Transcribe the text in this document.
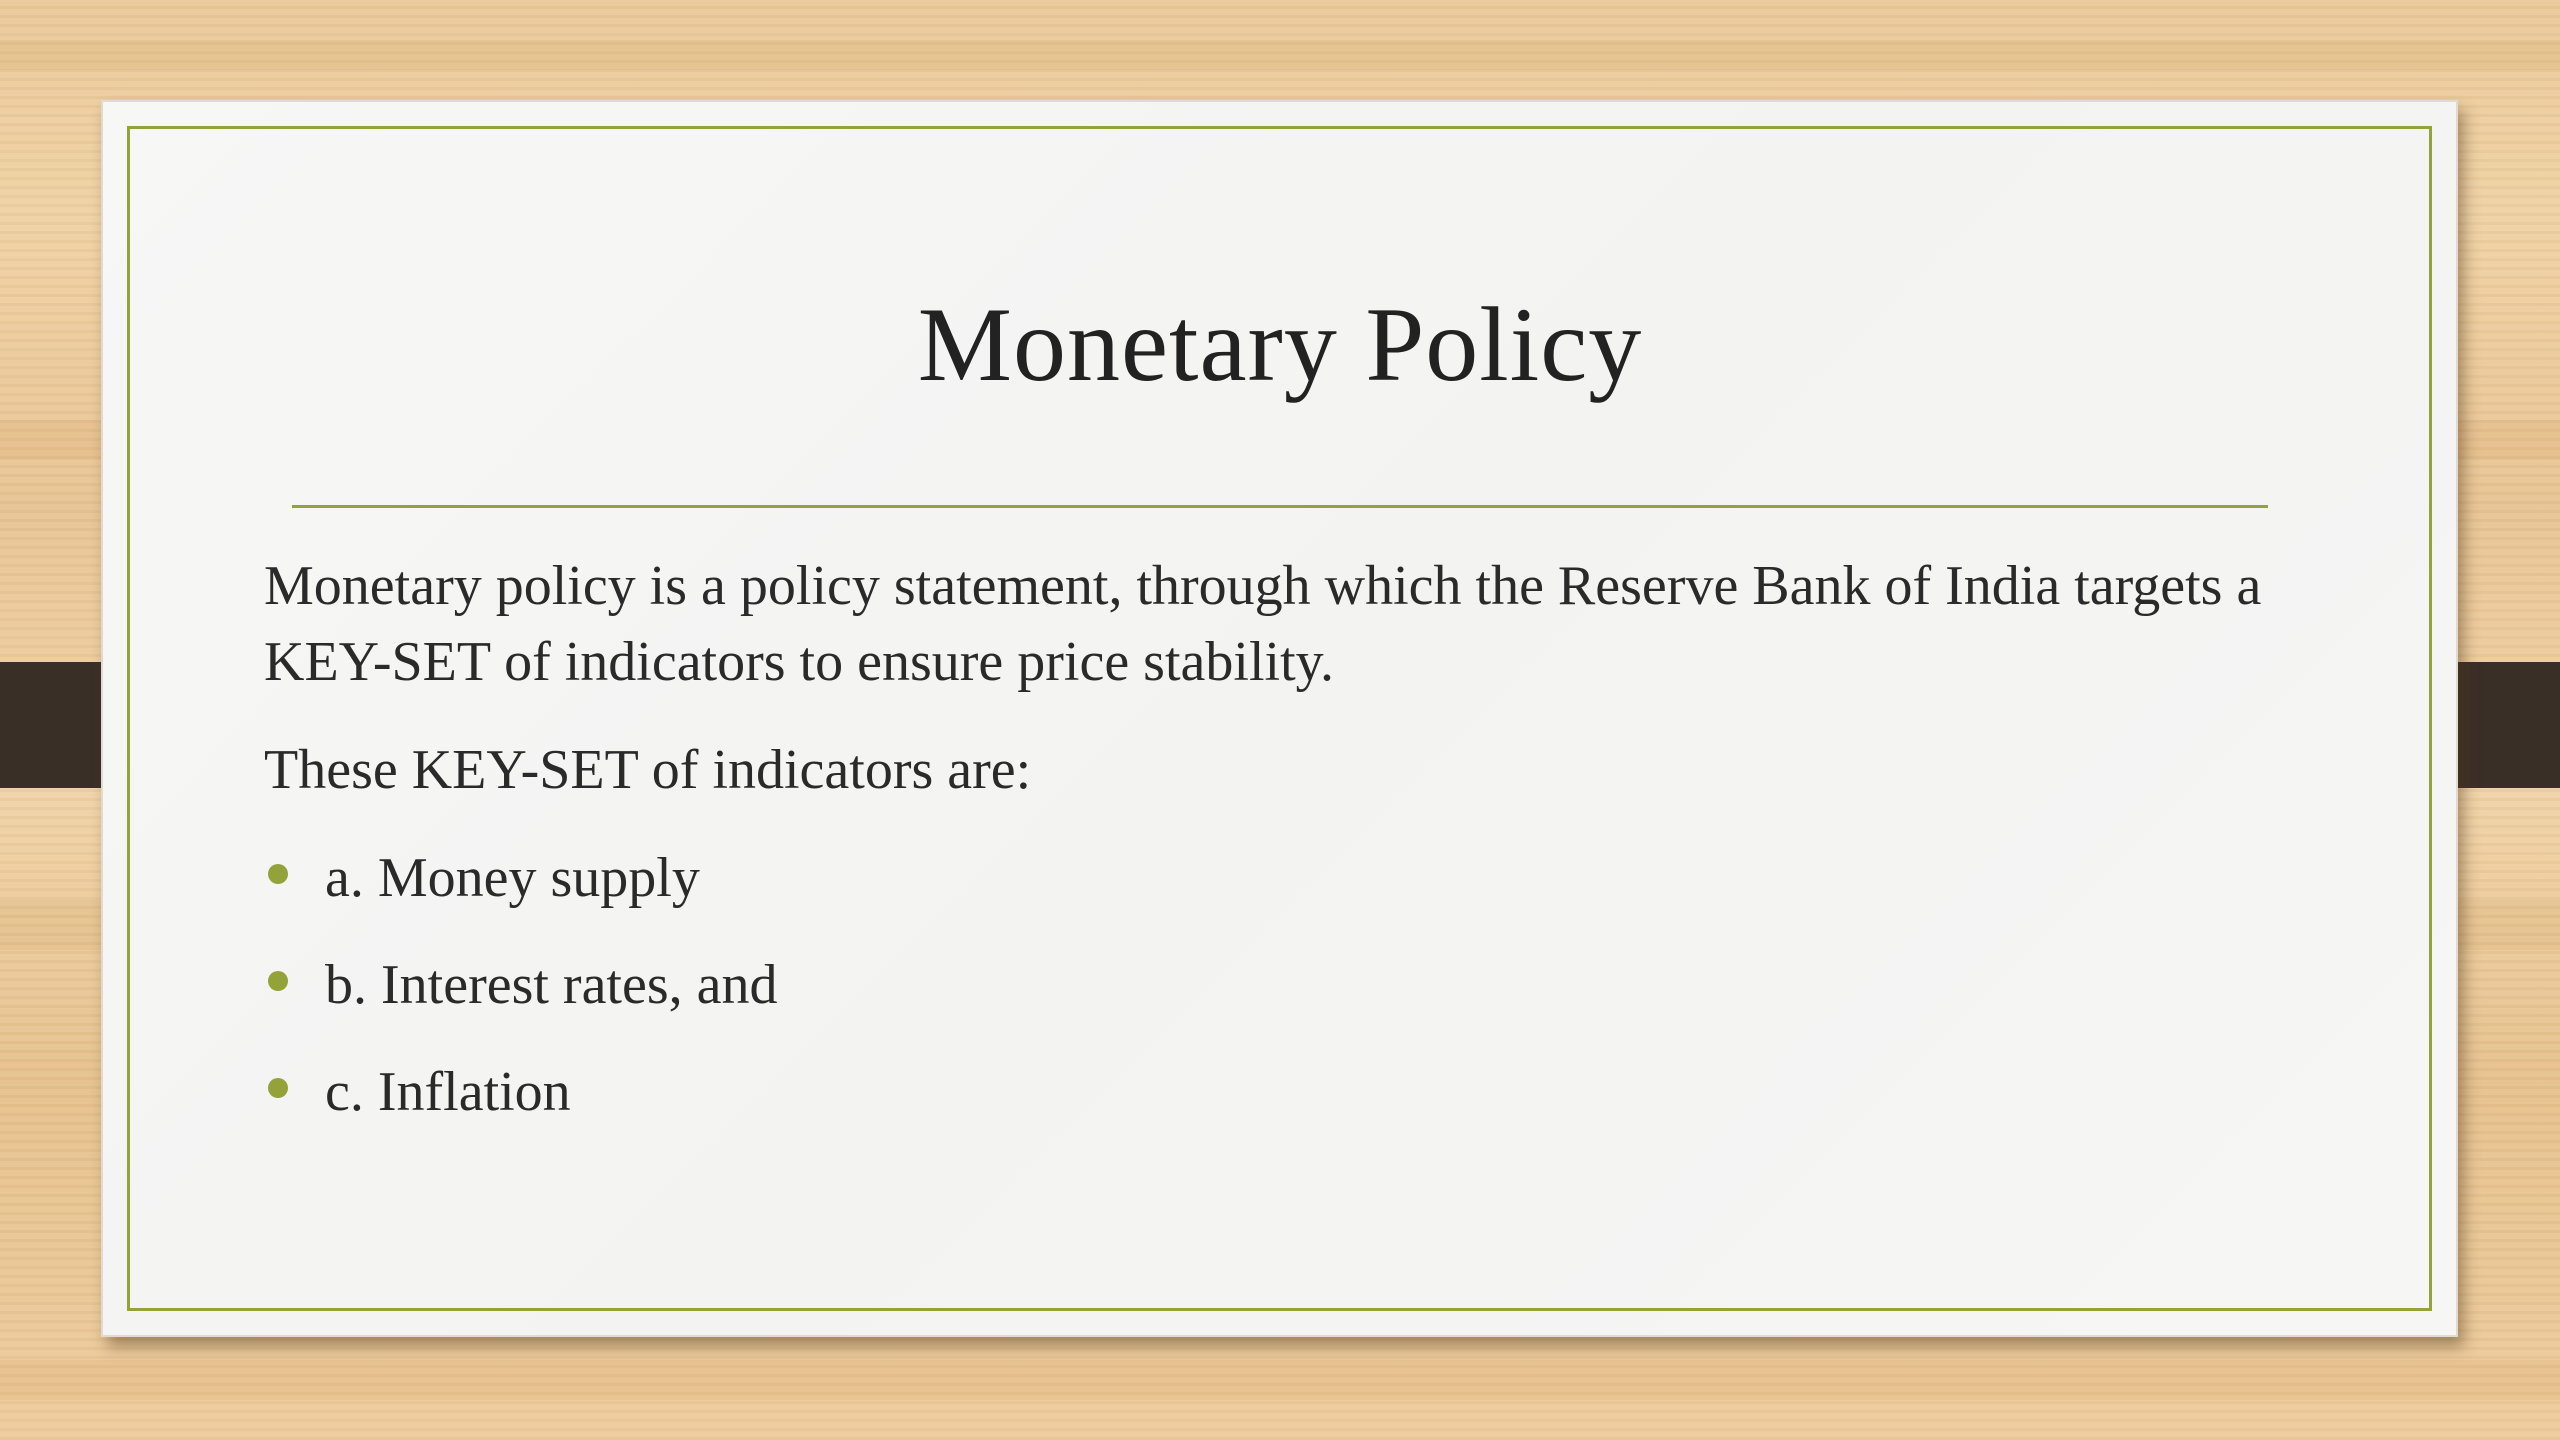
Monetary Policy
Monetary policy is a policy statement, through which the Reserve Bank of India targets a KEY-SET of indicators to ensure price stability.
These KEY-SET of indicators are:
a. Money supply
b. Interest rates, and
c. Inflation
